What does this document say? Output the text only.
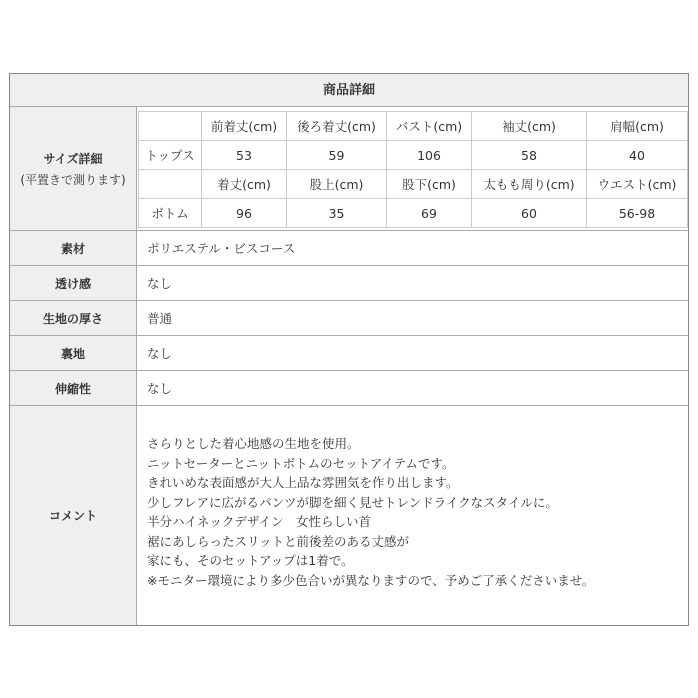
商品詳細
サイズ詳細
(平置きで測ります)
	前着丈(cm)	後ろ着丈(cm)	バスト(cm)	袖丈(cm)	肩幅(cm)
トップス	53	59	106	58	40
	着丈(cm)	股上(cm)	股下(cm)	太もも周り(cm)	ウエスト(cm)
ボトム	96	35	69	60	56-98
素材	ポリエステル・ビスコース
透け感	なし
生地の厚さ	普通
裏地	なし
伸縮性	なし
コメント
さらりとした着心地感の生地を使用。
ニットセーターとニットボトムのセットアイテムです。
きれいめな表面感が大人上品な雰囲気を作り出します。
少しフレアに広がるパンツが脚を細く見せトレンドライクなスタイルに。
半分ハイネックデザイン　女性らしい首
裾にあしらったスリットと前後差のある丈感が
家にも、そのセットアップは1着で。
※モニター環境により多少色合いが異なりますので、予めご了承くださいませ。
